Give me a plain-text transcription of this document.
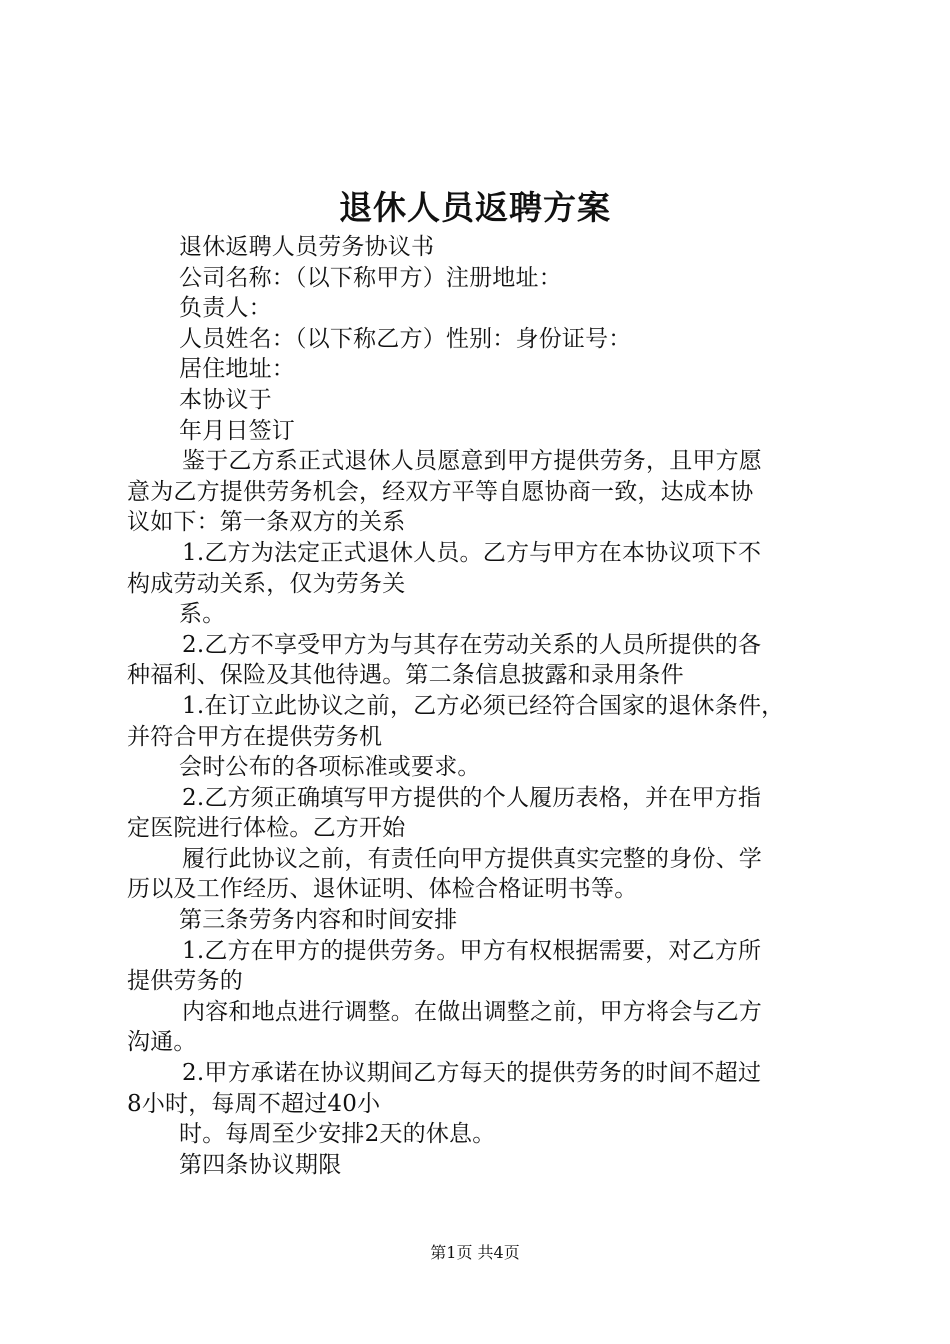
退休人员返聘方案

退休返聘人员劳务协议书

公司名称：（以下称甲方）注册地址：

负责人：

人员姓名：（以下称乙方）性别：身份证号：

居住地址：

本协议于

年月日签订

鉴于乙方系正式退休人员愿意到甲方提供劳务，且甲方愿

意为乙方提供劳务机会，经双方平等自愿协商一致，达成本协

议如下：第一条双方的关系

1.乙方为法定正式退休人员。乙方与甲方在本协议项下不

构成劳动关系，仅为劳务关

系。

2.乙方不享受甲方为与其存在劳动关系的人员所提供的各

种福利、保险及其他待遇。第二条信息披露和录用条件

1.在订立此协议之前，乙方必须已经符合国家的退休条件，

并符合甲方在提供劳务机

会时公布的各项标准或要求。

2.乙方须正确填写甲方提供的个人履历表格，并在甲方指

定医院进行体检。乙方开始

履行此协议之前，有责任向甲方提供真实完整的身份、学

历以及工作经历、退休证明、体检合格证明书等。

第三条劳务内容和时间安排

1.乙方在甲方的提供劳务。甲方有权根据需要，对乙方所

提供劳务的

内容和地点进行调整。在做出调整之前，甲方将会与乙方

沟通。

2.甲方承诺在协议期间乙方每天的提供劳务的时间不超过

8小时，每周不超过40小

时。每周至少安排2天的休息。

第四条协议期限

第1页 共4页
